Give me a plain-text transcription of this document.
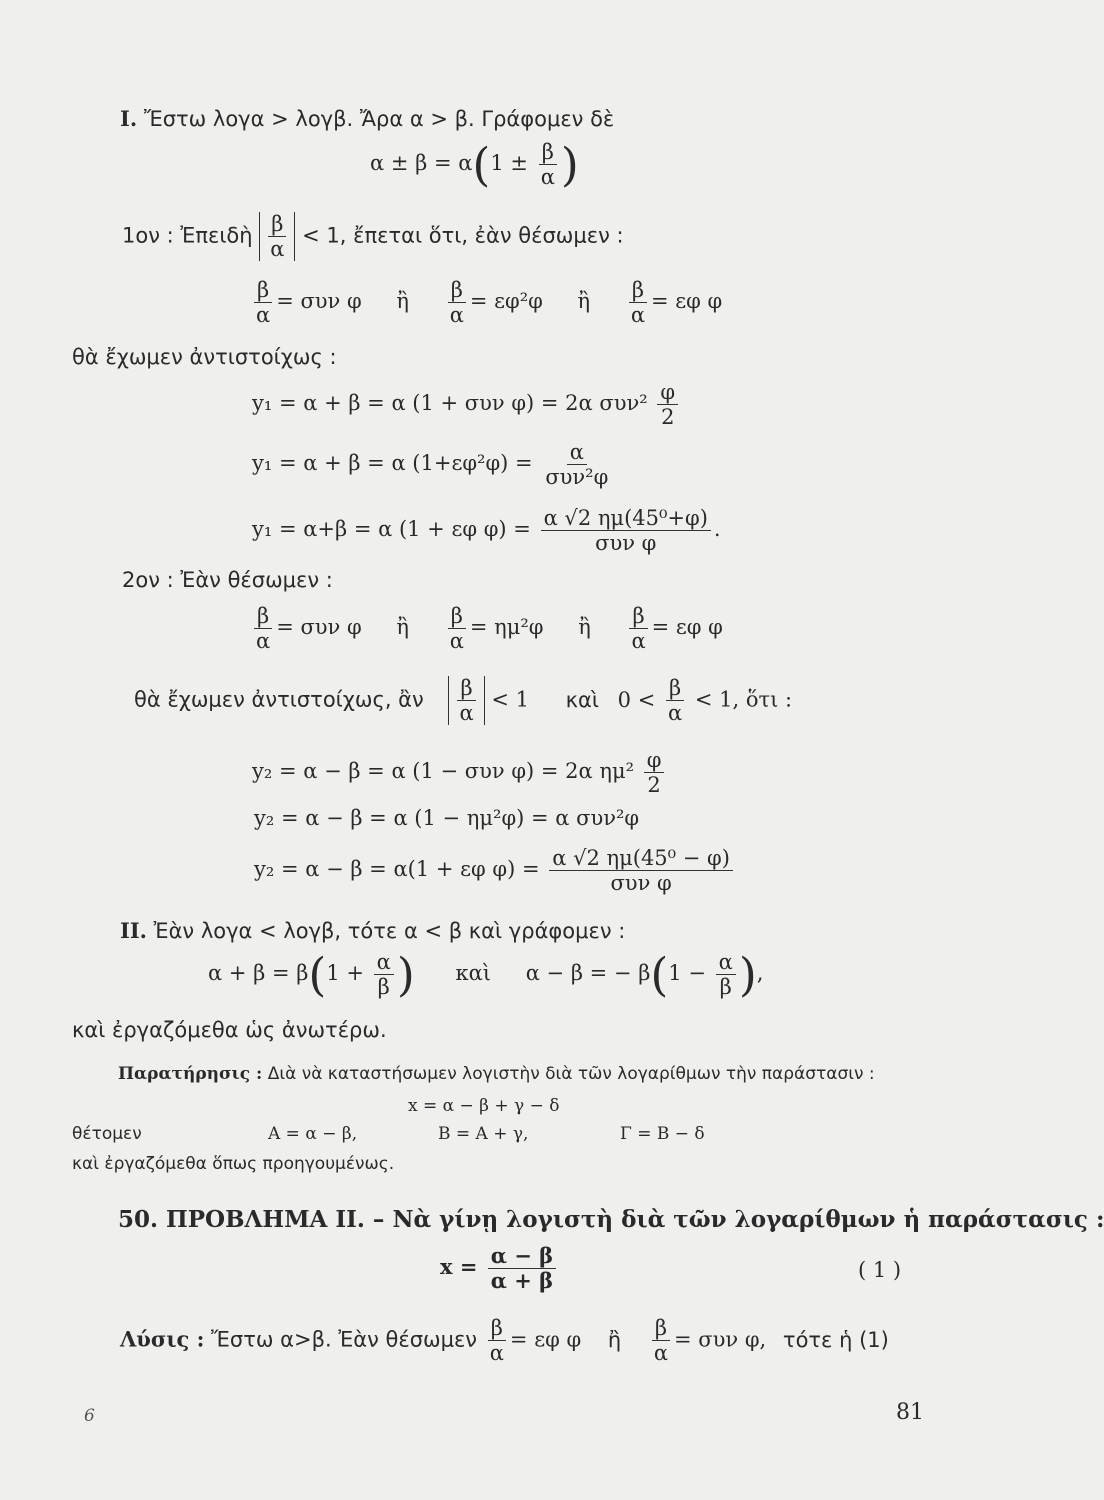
I. Ἔστω λογα > λογβ. Ἄρα α > β. Γράφομεν δὲ
$\alpha \pm \beta = \alpha(1 \pm \frac{\beta}{\alpha}$ )
1ον : Ἐπειδὴ $\frac{\beta}{\alpha} < 1$, ἔπεται ὅτι, ἐὰν θέσωμεν :
$\frac{\beta}{\alpha} = \sigma\upsilon\nu$ φ ἢ $\frac{\beta}{\alpha} = \varepsilon\varphi^2\varphi$ ἢ $\frac{\beta}{\alpha} = \varepsilon\varphi$ φ
θὰ ἔχωμεν ἀντιστοίχως :
y₁ = α + β = α (1 + συν φ) = 2α $\sigma\upsilon\nu^2 \frac{\varphi}{2}$
y₁ = α + β = α $(1+\varepsilon\varphi^2\varphi) = \frac{\alpha}{\text{συν²φ}}$
y₁ = α+β = α (1 + εφ $\varphi) = \frac{\text{α √2 ημ(45⁰+φ)}}{\text{συν φ}}$ .
2ον : Ἐὰν θέσωμεν :
$\frac{\beta}{\alpha} = \sigma\upsilon\nu$ φ ἢ $\frac{\beta}{\alpha} = \eta\mu^2\varphi$ ἢ $\frac{\beta}{\alpha} = \varepsilon\varphi$ φ
θὰ ἔχωμεν ἀντιστοίχως, ἂν $\frac{\beta}{\alpha} < 1$ καὶ $0 < \frac{\beta}{\alpha} < 1$, ὅτι :
y₂ = α − β = α (1 − συν φ) = 2α $\eta\mu^2 \frac{\varphi}{2}$
y₂ = α − β = α (1 − ημ²φ) = α συν²φ
y₂ = α − β = α(1 + εφ $\varphi) = \frac{\text{α √2 ημ(45⁰ − φ)}}{\text{συν φ}}$
II. Ἐὰν λογα < λογβ, τότε α < β καὶ γράφομεν :
$\alpha + \beta = \beta(1 + \frac{\alpha}{\beta}$ ) καὶ α − β = − $\beta(1 - \frac{\alpha}{\beta}$ ),
καὶ ἐργαζόμεθα ὡς ἀνωτέρω.
Παρατήρησις : Διὰ νὰ καταστήσωμεν λογιστὴν διὰ τῶν λογαρίθμων τὴν παράστασιν :
x = α − β + γ − δ
θέτομεν	Α = α − β,	Β = Α + γ,	Γ = Β − δ
καὶ ἐργαζόμεθα ὅπως προηγουμένως.
50. ΠΡΟΒΛΗΜΑ ΙΙ. – Νὰ γίνῃ λογιστὴ διὰ τῶν λογαρίθμων ἡ παράστασις :
$x = \frac{\alpha - \beta}{\alpha + \beta}$	( 1 )
Λύσις : Ἔστω α>β. Ἐὰν θέσωμεν $\frac{\beta}{\alpha} = \varepsilon\varphi$ φ ἢ $\frac{\beta}{\alpha} = \sigma\upsilon\nu$ φ, τότε ἡ (1)
6	81
